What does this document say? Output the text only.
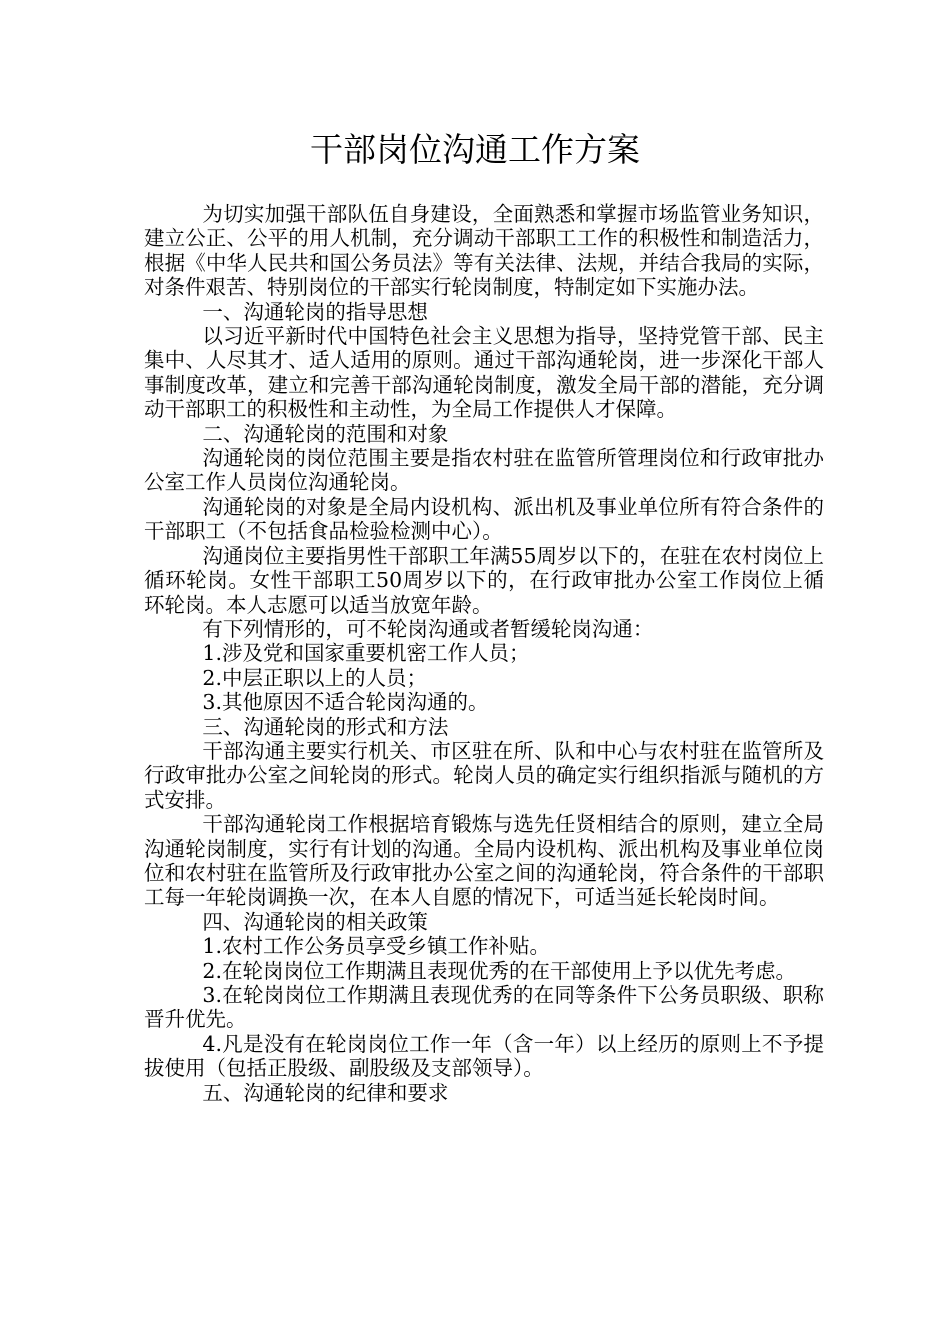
干部岗位沟通工作方案

为切实加强干部队伍自身建设，全面熟悉和掌握市场监管业务知识，建立公正、公平的用人机制，充分调动干部职工工作的积极性和制造活力，根据《中华人民共和国公务员法》等有关法律、法规，并结合我局的实际，对条件艰苦、特别岗位的干部实行轮岗制度，特制定如下实施办法。

一、沟通轮岗的指导思想

以习近平新时代中国特色社会主义思想为指导，坚持党管干部、民主集中、人尽其才、适人适用的原则。通过干部沟通轮岗，进一步深化干部人事制度改革，建立和完善干部沟通轮岗制度，激发全局干部的潜能，充分调动干部职工的积极性和主动性，为全局工作提供人才保障。

二、沟通轮岗的范围和对象

沟通轮岗的岗位范围主要是指农村驻在监管所管理岗位和行政审批办公室工作人员岗位沟通轮岗。

沟通轮岗的对象是全局内设机构、派出机及事业单位所有符合条件的干部职工（不包括食品检验检测中心）。

沟通岗位主要指男性干部职工年满55周岁以下的，在驻在农村岗位上循环轮岗。女性干部职工50周岁以下的，在行政审批办公室工作岗位上循环轮岗。本人志愿可以适当放宽年龄。

有下列情形的，可不轮岗沟通或者暂缓轮岗沟通：

1.涉及党和国家重要机密工作人员；

2.中层正职以上的人员；

3.其他原因不适合轮岗沟通的。

三、沟通轮岗的形式和方法

干部沟通主要实行机关、市区驻在所、队和中心与农村驻在监管所及行政审批办公室之间轮岗的形式。轮岗人员的确定实行组织指派与随机的方式安排。

干部沟通轮岗工作根据培育锻炼与选先任贤相结合的原则，建立全局沟通轮岗制度，实行有计划的沟通。全局内设机构、派出机构及事业单位岗位和农村驻在监管所及行政审批办公室之间的沟通轮岗，符合条件的干部职工每一年轮岗调换一次，在本人自愿的情况下，可适当延长轮岗时间。

四、沟通轮岗的相关政策

1.农村工作公务员享受乡镇工作补贴。

2.在轮岗岗位工作期满且表现优秀的在干部使用上予以优先考虑。

3.在轮岗岗位工作期满且表现优秀的在同等条件下公务员职级、职称晋升优先。

4.凡是没有在轮岗岗位工作一年（含一年）以上经历的原则上不予提拔使用（包括正股级、副股级及支部领导）。

五、沟通轮岗的纪律和要求
